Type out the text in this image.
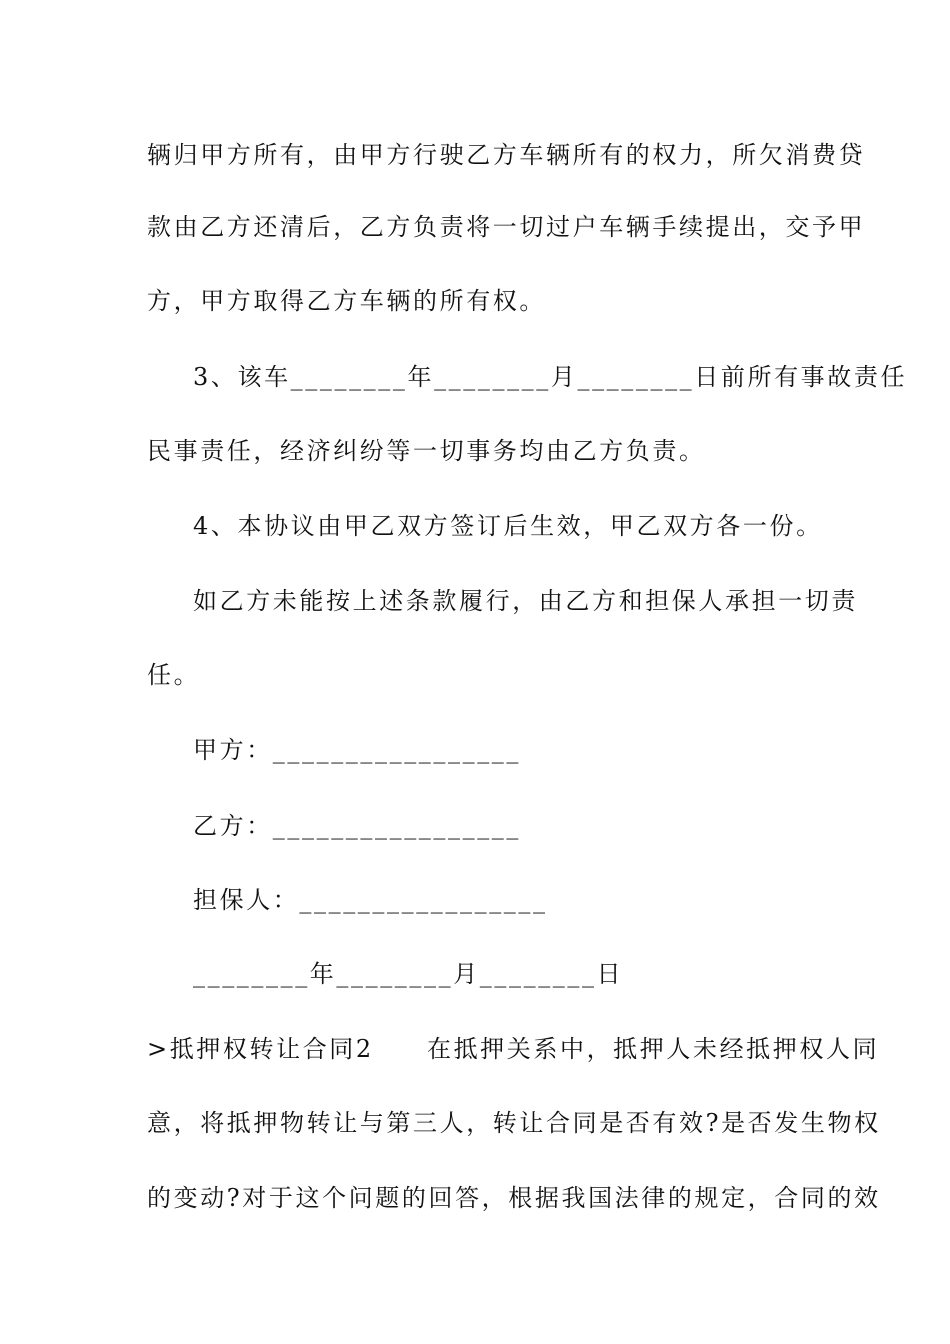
辆归甲方所有，由甲方行驶乙方车辆所有的权力，所欠消费贷
款由乙方还清后，乙方负责将一切过户车辆手续提出，交予甲
方，甲方取得乙方车辆的所有权。
3、该车________年________月________日前所有事故责任
民事责任，经济纠纷等一切事务均由乙方负责。
4、本协议由甲乙双方签订后生效，甲乙双方各一份。
如乙方未能按上述条款履行，由乙方和担保人承担一切责
任。
甲方：_________________
乙方：_________________
担保人：_________________
________年________月________日
>抵押权转让合同2　　在抵押关系中，抵押人未经抵押权人同
意，将抵押物转让与第三人，转让合同是否有效?是否发生物权
的变动?对于这个问题的回答，根据我国法律的规定，合同的效
